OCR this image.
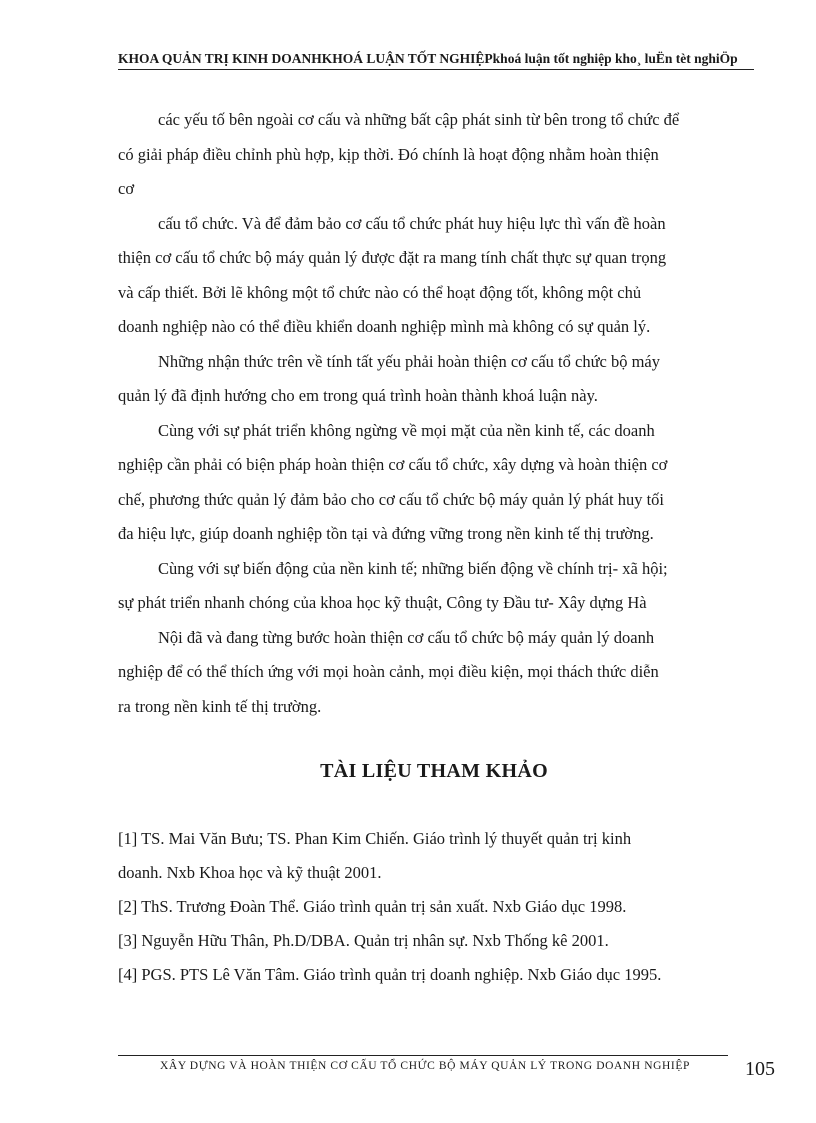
KHOA QUẢN TRỊ KINH DOANHKHOÁ LUẬN TỐT NGHIỆPkhoá luận tốt nghiệp kho¸ luËn tèt nghiÖp

các yếu tố bên ngoài cơ cấu và những bất cập phát sinh từ bên trong tổ chức để

có giải pháp điều chỉnh phù hợp, kịp thời. Đó chính là hoạt động nhằm hoàn thiện

cơ

cấu tổ chức. Và để đảm bảo cơ cấu tổ chức phát huy hiệu lực thì vấn đề hoàn

thiện cơ cấu tổ chức bộ máy quản lý được đặt ra mang tính chất thực sự quan trọng

và cấp thiết. Bởi lẽ không một tổ chức nào có thể hoạt động tốt, không một chủ

doanh nghiệp nào có thể điều khiển doanh nghiệp mình mà không có sự quản lý.

Những nhận thức trên về tính tất yếu phải hoàn thiện cơ cấu tổ chức bộ máy

quản lý đã định hướng cho em trong quá trình hoàn thành khoá luận này.

Cùng với sự phát triển không ngừng về mọi mặt của nền kinh tế, các doanh

nghiệp cần phải có biện pháp hoàn thiện cơ cấu tổ chức, xây dựng và hoàn thiện cơ

chế, phương thức quản lý đảm bảo cho cơ cấu tổ chức bộ máy quản lý phát huy tối

đa hiệu lực, giúp doanh nghiệp tồn tại và đứng vững trong nền kinh tế thị trường.

Cùng với sự biến động của nền kinh tế; những biến động về chính trị- xã hội;

sự phát triển nhanh chóng của khoa học kỹ thuật, Công ty Đầu tư- Xây dựng Hà

Nội đã và đang từng bước hoàn thiện cơ cấu tổ chức bộ máy quản lý doanh

nghiệp để có thể thích ứng với mọi hoàn cảnh, mọi điều kiện, mọi thách thức diễn

ra trong nền kinh tế thị trường.

TÀI LIỆU THAM KHẢO
[1] TS. Mai Văn Bưu; TS. Phan Kim Chiến. Giáo trình lý thuyết quản trị kinh
doanh. Nxb Khoa học và kỹ thuật 2001.
[2] ThS. Trương Đoàn Thể. Giáo trình quản trị sản xuất. Nxb Giáo dục 1998.
[3] Nguyễn Hữu Thân, Ph.D/DBA. Quản trị nhân sự. Nxb Thống kê 2001.
[4] PGS. PTS Lê Văn Tâm. Giáo trình quản trị doanh nghiệp. Nxb Giáo dục 1995.
XÂY DỰNG VÀ HOÀN THIỆN CƠ CẤU TỔ CHỨC BỘ MÁY QUẢN LÝ TRONG DOANH NGHIỆP	105
